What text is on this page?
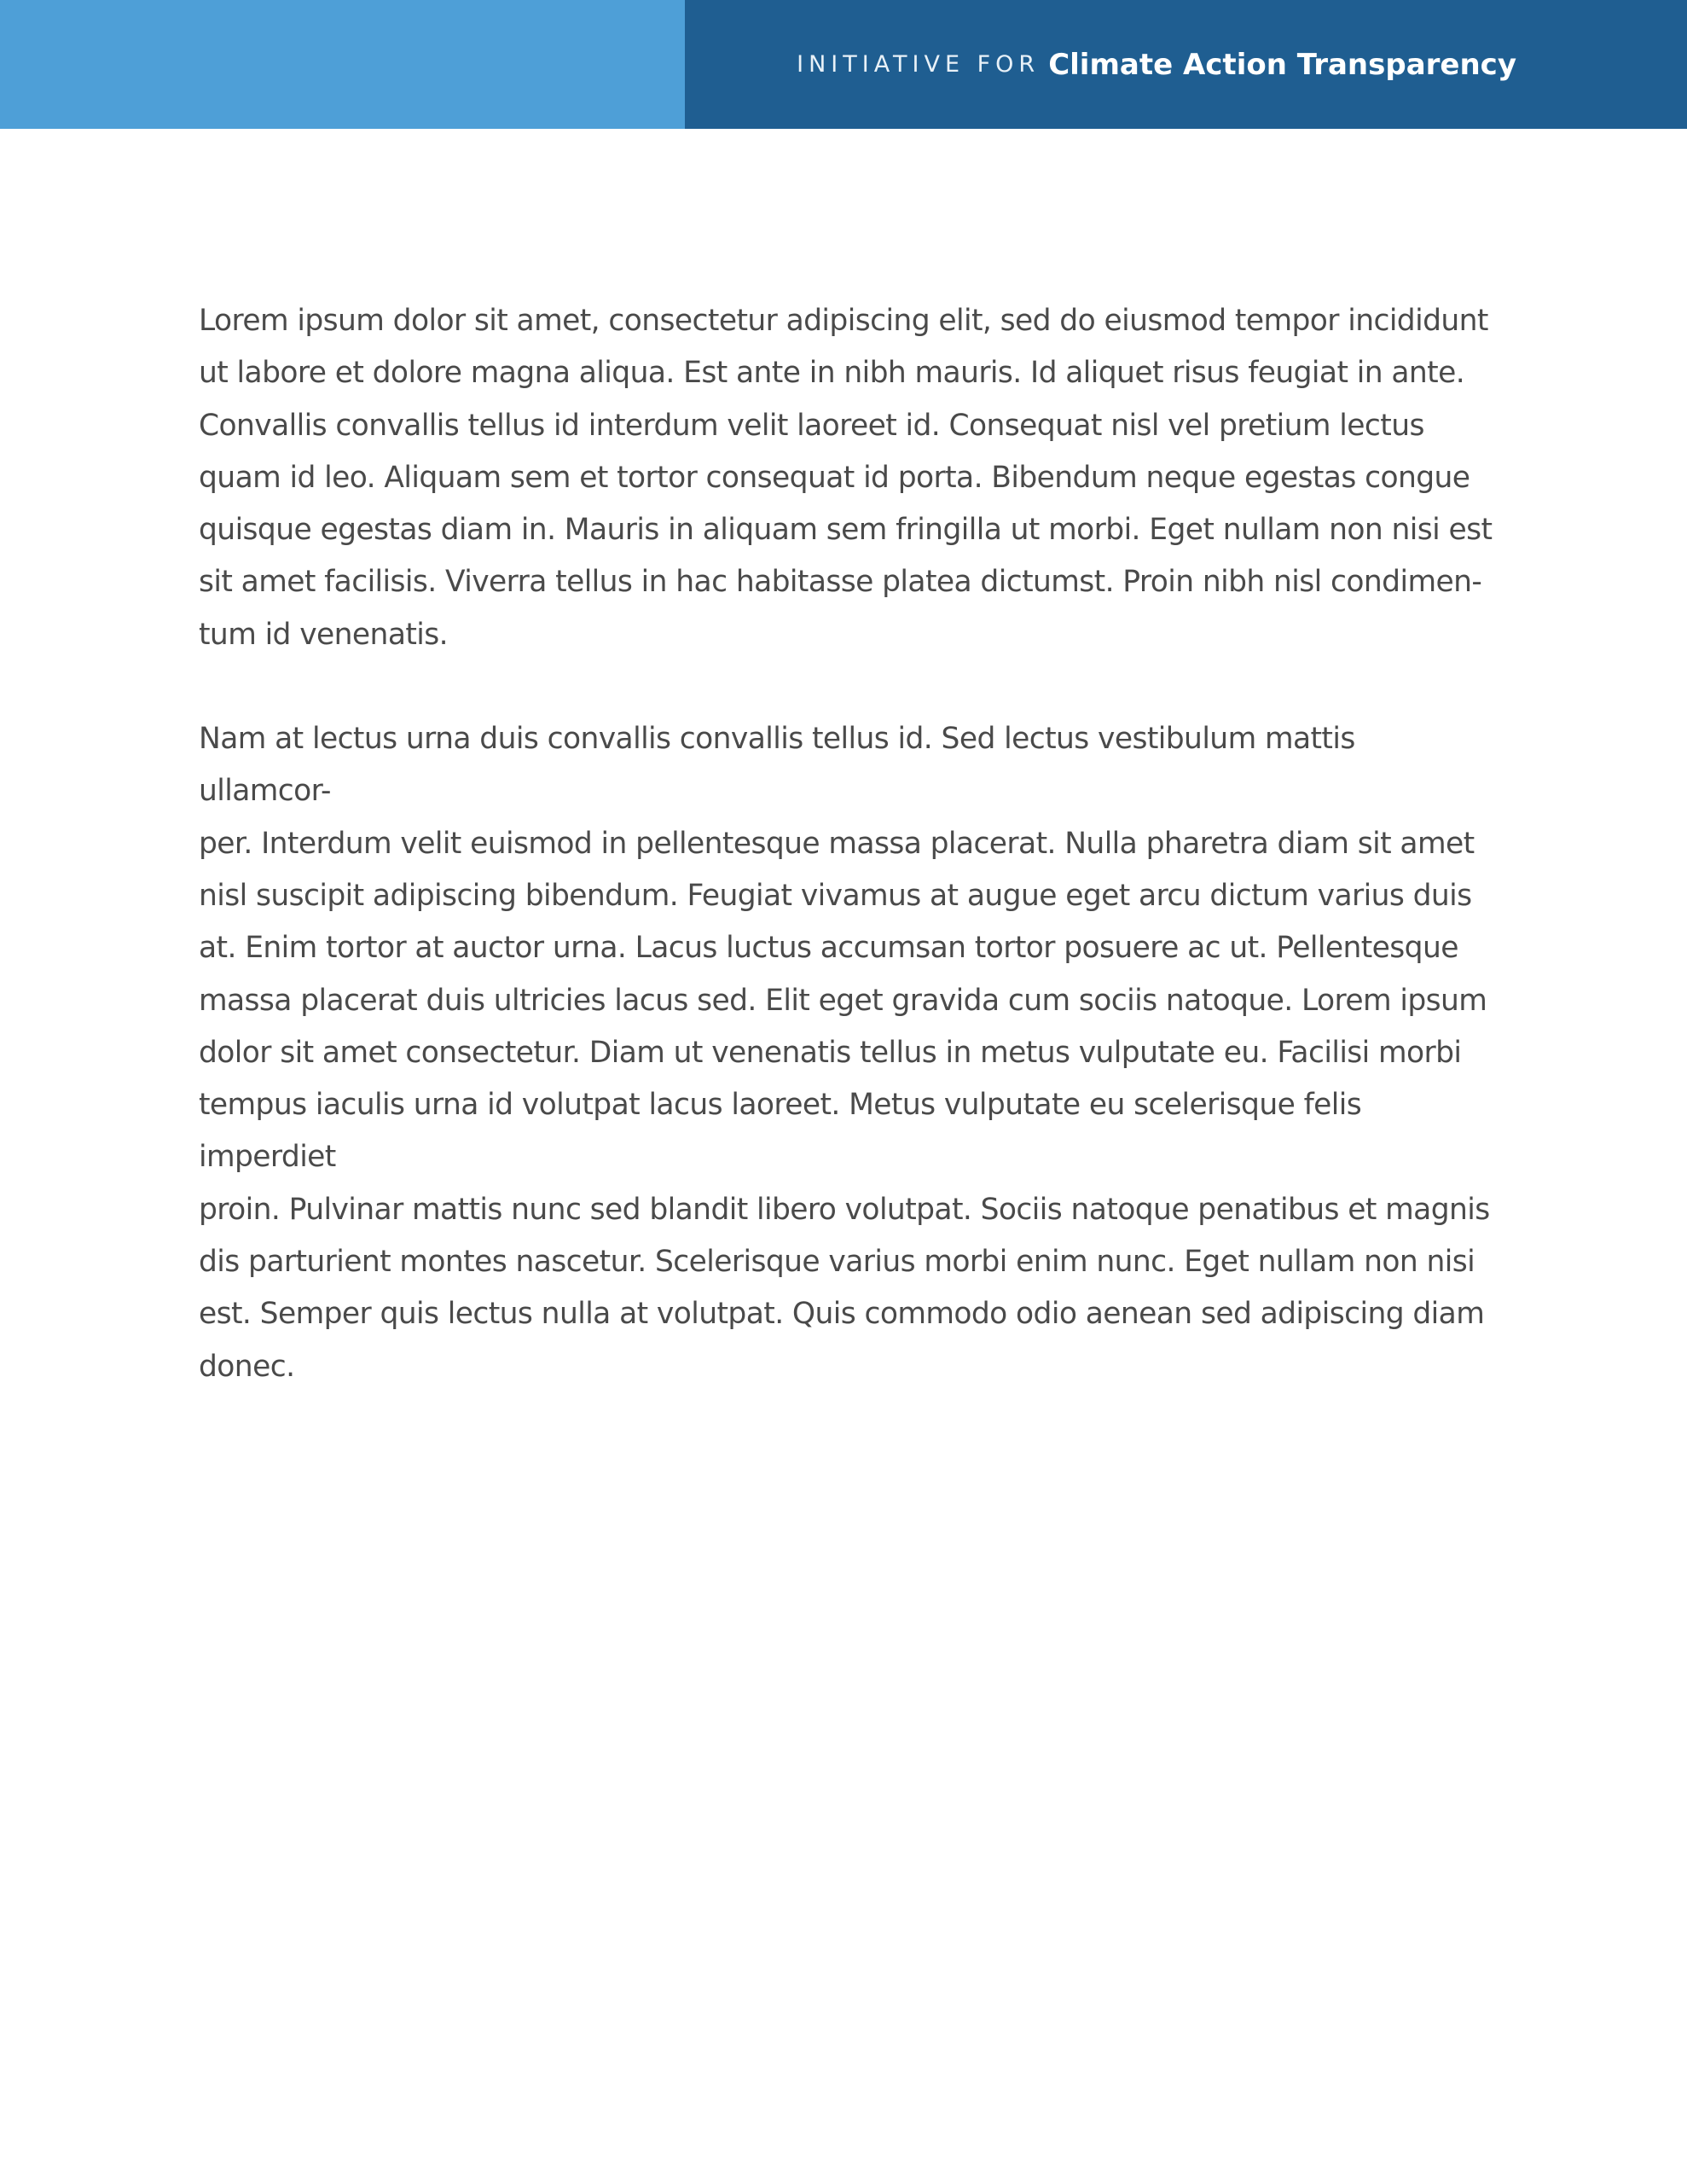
INITIATIVE FOR Climate Action Transparency

Lorem ipsum dolor sit amet, consectetur adipiscing elit, sed do eiusmod tempor incididunt
ut labore et dolore magna aliqua. Est ante in nibh mauris. Id aliquet risus feugiat in ante.
Convallis convallis tellus id interdum velit laoreet id. Consequat nisl vel pretium lectus
quam id leo. Aliquam sem et tortor consequat id porta. Bibendum neque egestas congue
quisque egestas diam in. Mauris in aliquam sem fringilla ut morbi. Eget nullam non nisi est
sit amet facilisis. Viverra tellus in hac habitasse platea dictumst. Proin nibh nisl condimen-
tum id venenatis.

Nam at lectus urna duis convallis convallis tellus id. Sed lectus vestibulum mattis ullamcor-
per. Interdum velit euismod in pellentesque massa placerat. Nulla pharetra diam sit amet
nisl suscipit adipiscing bibendum. Feugiat vivamus at augue eget arcu dictum varius duis
at. Enim tortor at auctor urna. Lacus luctus accumsan tortor posuere ac ut. Pellentesque
massa placerat duis ultricies lacus sed. Elit eget gravida cum sociis natoque. Lorem ipsum
dolor sit amet consectetur. Diam ut venenatis tellus in metus vulputate eu. Facilisi morbi
tempus iaculis urna id volutpat lacus laoreet. Metus vulputate eu scelerisque felis imperdiet
proin. Pulvinar mattis nunc sed blandit libero volutpat. Sociis natoque penatibus et magnis
dis parturient montes nascetur. Scelerisque varius morbi enim nunc. Eget nullam non nisi
est. Semper quis lectus nulla at volutpat. Quis commodo odio aenean sed adipiscing diam
donec.
